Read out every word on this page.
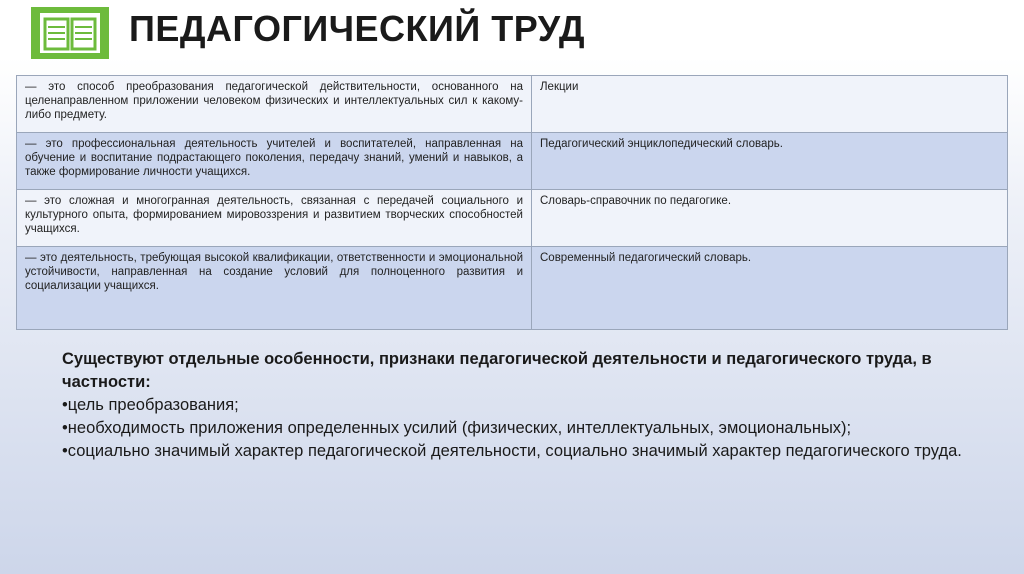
ПЕДАГОГИЧЕСКИЙ ТРУД
— это способ преобразования педагогической действительности, основанного на целенаправленном приложении человеком физических и интеллектуальных сил к какому-либо предмету.	Лекции
— это профессиональная деятельность учителей и воспитателей, направленная на обучение и воспитание подрастающего поколения, передачу знаний, умений и навыков, а также формирование личности учащихся.	Педагогический энциклопедический словарь.
— это сложная и многогранная деятельность, связанная с передачей социального и культурного опыта, формированием мировоззрения и развитием творческих способностей учащихся.	Словарь-справочник по педагогике.
— это деятельность, требующая высокой квалификации, ответственности и эмоциональной устойчивости, направленная на создание условий для полноценного развития и социализации учащихся.	Современный педагогический словарь.
Существуют отдельные особенности, признаки педагогической деятельности и педагогического труда, в частности:
•цель преобразования;
•необходимость приложения определенных усилий (физических, интеллектуальных, эмоциональных);
•социально значимый характер педагогической деятельности, социально значимый характер педагогического труда.
